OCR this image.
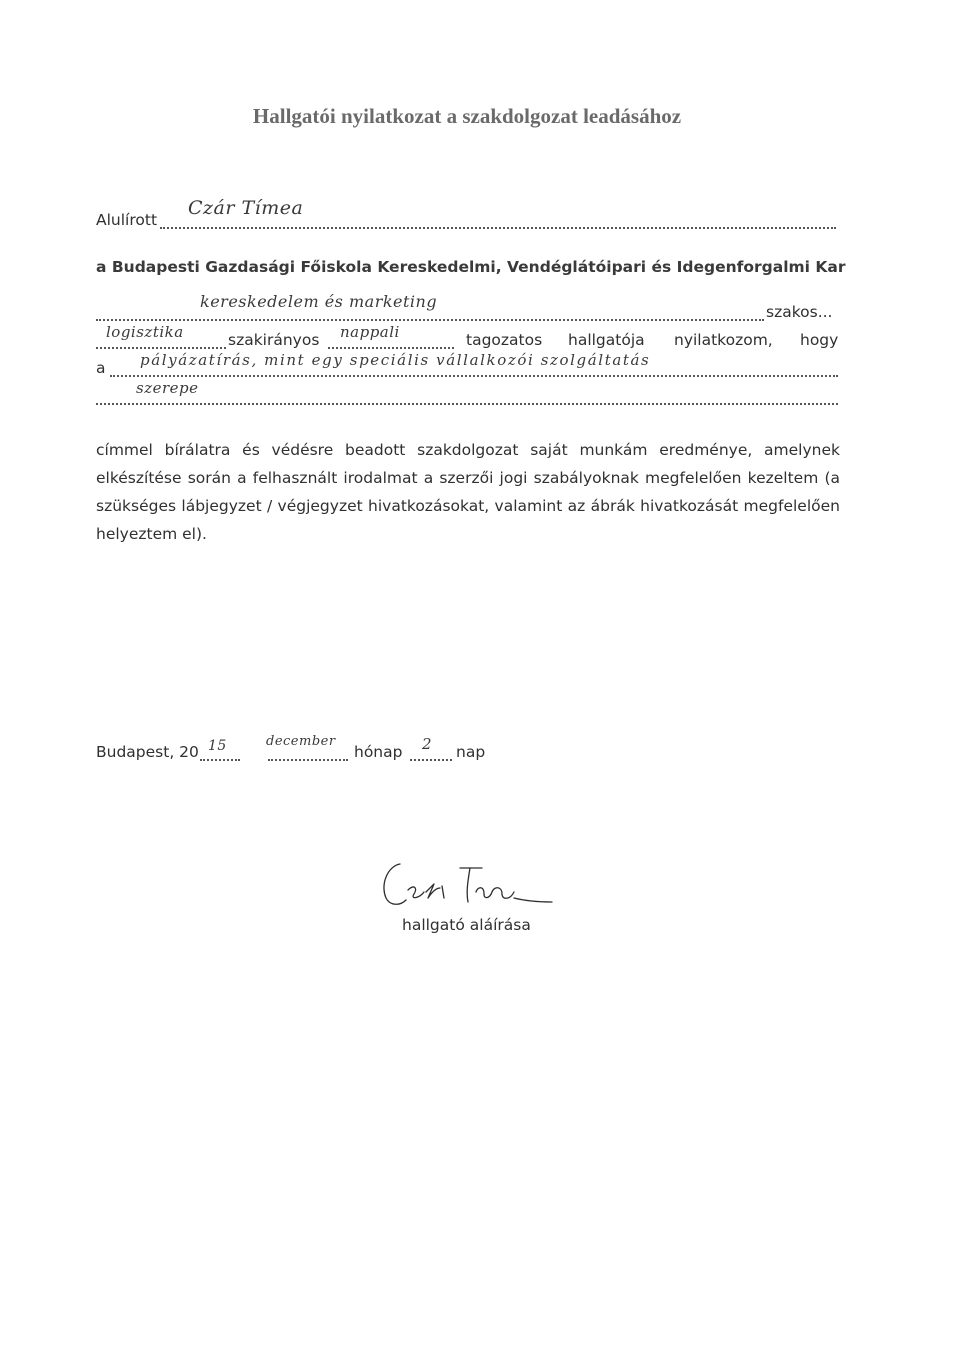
Hallgatói nyilatkozat a szakdolgozat leadásához
Alulírott
Czár Tímea
a Budapesti Gazdasági Főiskola Kereskedelmi, Vendéglátóipari és Idegenforgalmi Kar
kereskedelem és marketing
szakos...
logisztika	szakirányos nappali	tagozatos hallgatója nyilatkozom, hogy
a pályázatírás, mint egy speciális vállalkozói szolgáltatás
szerepe
címmel bírálatra és védésre beadott szakdolgozat saját munkám eredménye, amelynek elkészítése során a felhasznált irodalmat a szerzői jogi szabályoknak megfelelően kezeltem (a szükséges lábjegyzet / végjegyzet hivatkozásokat, valamint az ábrák hivatkozását megfelelően helyeztem el).
Budapest, 20 15	december
hónap 2 nap
hallgató aláírása
